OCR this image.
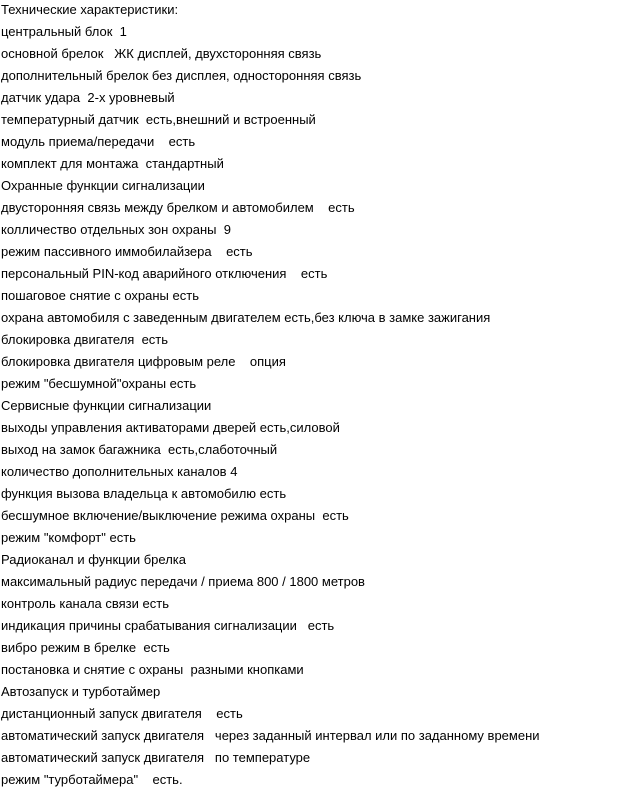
Технические характеристики:
центральный блок  1
основной брелок   ЖК дисплей, двухсторонняя связь
дополнительный брелок без дисплея, односторонняя связь
датчик удара  2-х уровневый
температурный датчик  есть,внешний и встроенный
модуль приема/передачи    есть
комплект для монтажа  стандартный
Охранные функции сигнализации
двусторонняя связь между брелком и автомобилем    есть
колличество отдельных зон охраны  9
режим пассивного иммобилайзера    есть
персональный PIN-код аварийного отключения    есть
пошаговое снятие с охраны есть
охрана автомобиля с заведенным двигателем есть,без ключа в замке зажигания
блокировка двигателя  есть
блокировка двигателя цифровым реле    опция
режим "бесшумной"охраны есть
Сервисные функции сигнализации
выходы управления активаторами дверей есть,силовой
выход на замок багажника  есть,слаботочный
количество дополнительных каналов 4
функция вызова владельца к автомобилю есть
бесшумное включение/выключение режима охраны  есть
режим "комфорт" есть
Радиоканал и функции брелка
максимальный радиус передачи / приема 800 / 1800 метров
контроль канала связи есть
индикация причины срабатывания сигнализации   есть
вибро режим в брелке  есть
постановка и снятие с охраны  разными кнопками
Автозапуск и турботаймер
дистанционный запуск двигателя    есть
автоматический запуск двигателя   через заданный интервал или по заданному времени
автоматический запуск двигателя   по температуре
режим "турботаймера"    есть.
